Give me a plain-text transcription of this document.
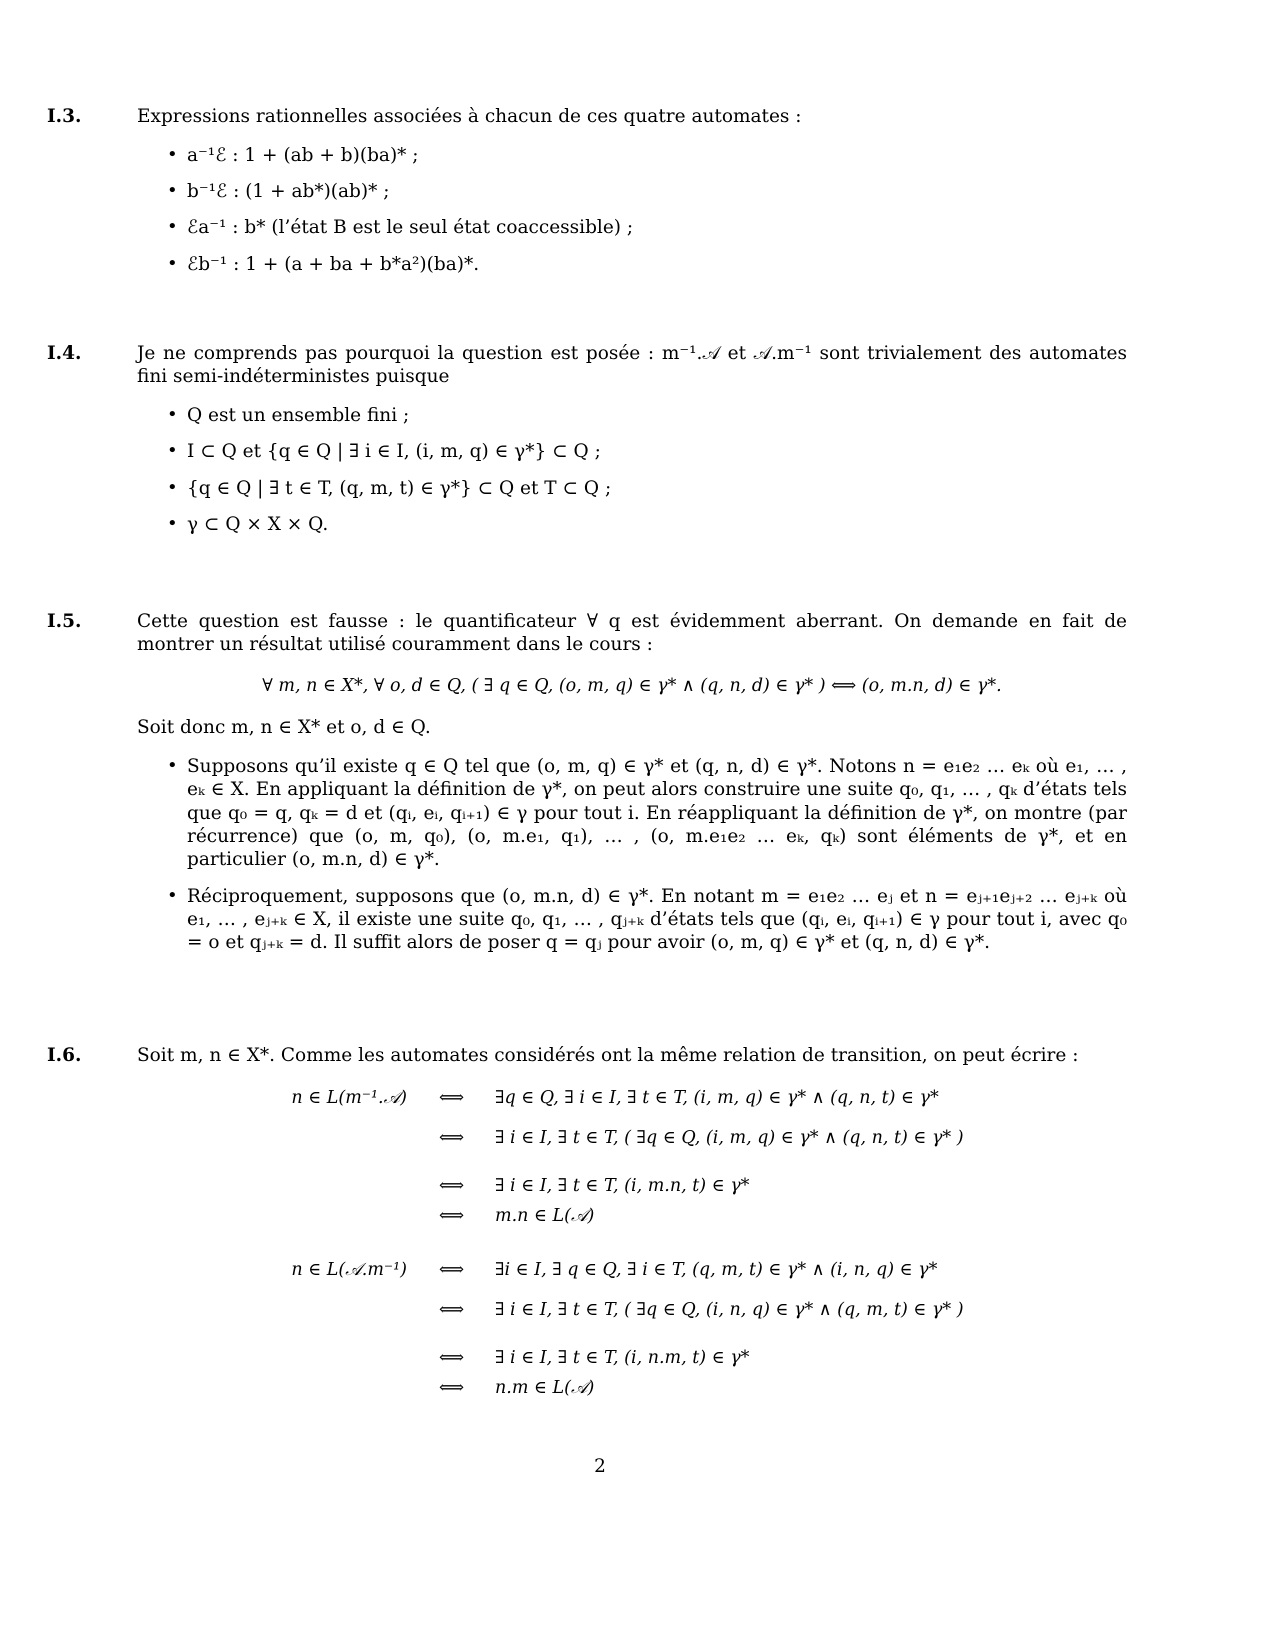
I.3.	Expressions rationnelles associées à chacun de ces quatre automates :

• a⁻¹ℰ : 1 + (ab + b)(ba)* ;
• b⁻¹ℰ : (1 + ab*)(ab)* ;
• ℰa⁻¹ : b* (l’état B est le seul état coaccessible) ;
• ℰb⁻¹ : 1 + (a + ba + b*a²)(ba)*.
I.4.	Je ne comprends pas pourquoi la question est posée : m⁻¹.𝒜 et 𝒜.m⁻¹ sont trivialement des automates fini semi-indéterministes puisque

• Q est un ensemble fini ;
• I ⊂ Q et {q ∈ Q | ∃ i ∈ I, (i, m, q) ∈ γ*} ⊂ Q ;
• {q ∈ Q | ∃ t ∈ T, (q, m, t) ∈ γ*} ⊂ Q et T ⊂ Q ;
• γ ⊂ Q × X × Q.
I.5.	Cette question est fausse : le quantificateur ∀ q est évidemment aberrant. On demande en fait de montrer un résultat utilisé couramment dans le cours :

∀ m, n ∈ X*, ∀ o, d ∈ Q, ( ∃ q ∈ Q, (o, m, q) ∈ γ* ∧ (q, n, d) ∈ γ* ) ⟺ (o, m.n, d) ∈ γ*.

Soit donc m, n ∈ X* et o, d ∈ Q.

• Supposons qu’il existe q ∈ Q tel que (o, m, q) ∈ γ* et (q, n, d) ∈ γ*. Notons n = e₁e₂ … eₖ où e₁, … , eₖ ∈ X. En appliquant la définition de γ*, on peut alors construire une suite q₀, q₁, … , qₖ d’états tels que q₀ = q, qₖ = d et (qᵢ, eᵢ, qᵢ₊₁) ∈ γ pour tout i. En réappliquant la définition de γ*, on montre (par récurrence) que (o, m, q₀), (o, m.e₁, q₁), … , (o, m.e₁e₂ … eₖ, qₖ) sont éléments de γ*, et en particulier (o, m.n, d) ∈ γ*.
• Réciproquement, supposons que (o, m.n, d) ∈ γ*. En notant m = e₁e₂ … eⱼ et n = eⱼ₊₁eⱼ₊₂ … eⱼ₊ₖ où e₁, … , eⱼ₊ₖ ∈ X, il existe une suite q₀, q₁, … , qⱼ₊ₖ d’états tels que (qᵢ, eᵢ, qᵢ₊₁) ∈ γ pour tout i, avec q₀ = o et qⱼ₊ₖ = d. Il suffit alors de poser q = qⱼ pour avoir (o, m, q) ∈ γ* et (q, n, d) ∈ γ*.
I.6.	Soit m, n ∈ X*. Comme les automates considérés ont la même relation de transition, on peut écrire :

n ∈ L(m⁻¹.𝒜) ⟺ ∃q ∈ Q, ∃ i ∈ I, ∃ t ∈ T, (i, m, q) ∈ γ* ∧ (q, n, t) ∈ γ*
⟺ ∃ i ∈ I, ∃ t ∈ T, ( ∃q ∈ Q, (i, m, q) ∈ γ* ∧ (q, n, t) ∈ γ* )
⟺ ∃ i ∈ I, ∃ t ∈ T, (i, m.n, t) ∈ γ*
⟺ m.n ∈ L(𝒜)
n ∈ L(𝒜.m⁻¹) ⟺ ∃i ∈ I, ∃ q ∈ Q, ∃ i ∈ T, (q, m, t) ∈ γ* ∧ (i, n, q) ∈ γ*
⟺ ∃ i ∈ I, ∃ t ∈ T, ( ∃q ∈ Q, (i, n, q) ∈ γ* ∧ (q, m, t) ∈ γ* )
⟺ ∃ i ∈ I, ∃ t ∈ T, (i, n.m, t) ∈ γ*
⟺ n.m ∈ L(𝒜)
2
